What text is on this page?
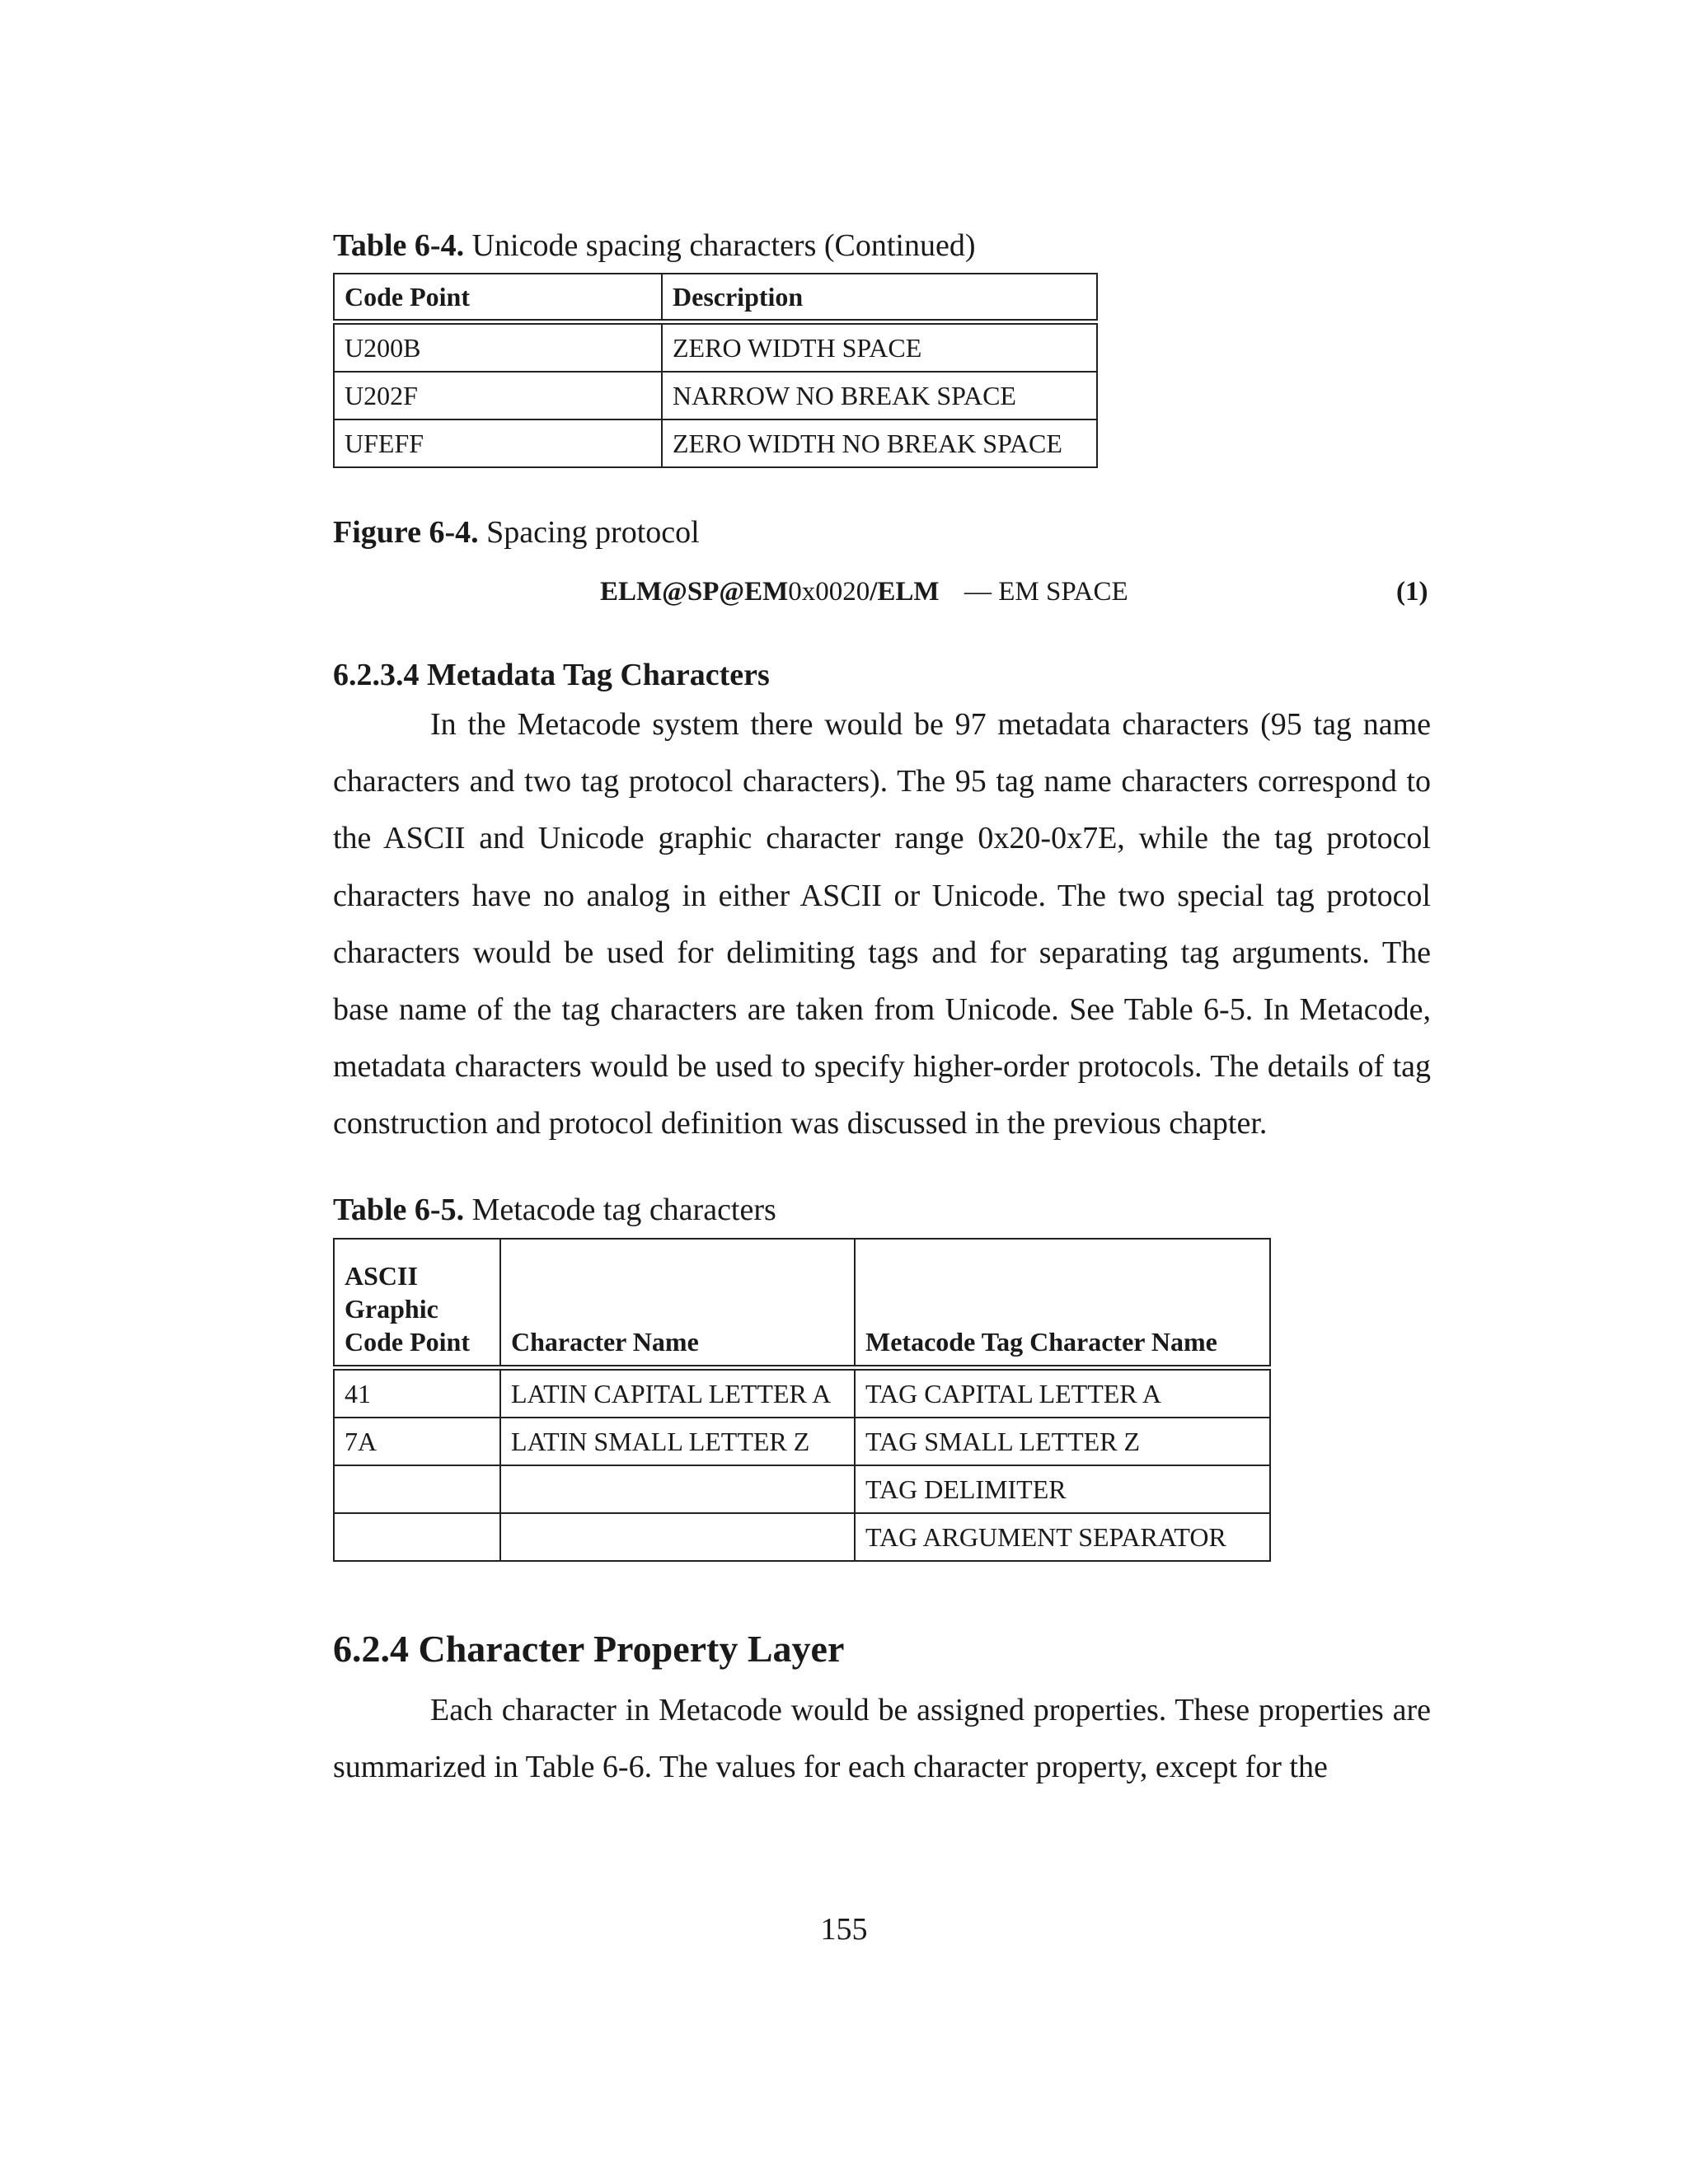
Table 6-4. Unicode spacing characters (Continued)
Code Point	Description
U200B	ZERO WIDTH SPACE
U202F	NARROW NO BREAK SPACE
UFEFF	ZERO WIDTH NO BREAK SPACE
Figure 6-4. Spacing protocol
ELM@SP@EM0x0020/ELM — EM SPACE	(1)
6.2.3.4 Metadata Tag Characters

In the Metacode system there would be 97 metadata characters (95 tag name characters and two tag protocol characters). The 95 tag name characters correspond to the ASCII and Unicode graphic character range 0x20-0x7E, while the tag protocol characters have no analog in either ASCII or Unicode. The two special tag protocol characters would be used for delimiting tags and for separating tag arguments. The base name of the tag characters are taken from Unicode. See Table 6-5. In Metacode, metadata characters would be used to specify higher-order protocols. The details of tag construction and protocol definition was discussed in the previous chapter.

Table 6-5. Metacode tag characters
ASCII
Graphic
Code Point	Character Name	Metacode Tag Character Name
41	LATIN CAPITAL LETTER A	TAG CAPITAL LETTER A
7A	LATIN SMALL LETTER Z	TAG SMALL LETTER Z
		TAG DELIMITER
		TAG ARGUMENT SEPARATOR
6.2.4 Character Property Layer

Each character in Metacode would be assigned properties. These properties are summarized in Table 6-6. The values for each character property, except for the

155
